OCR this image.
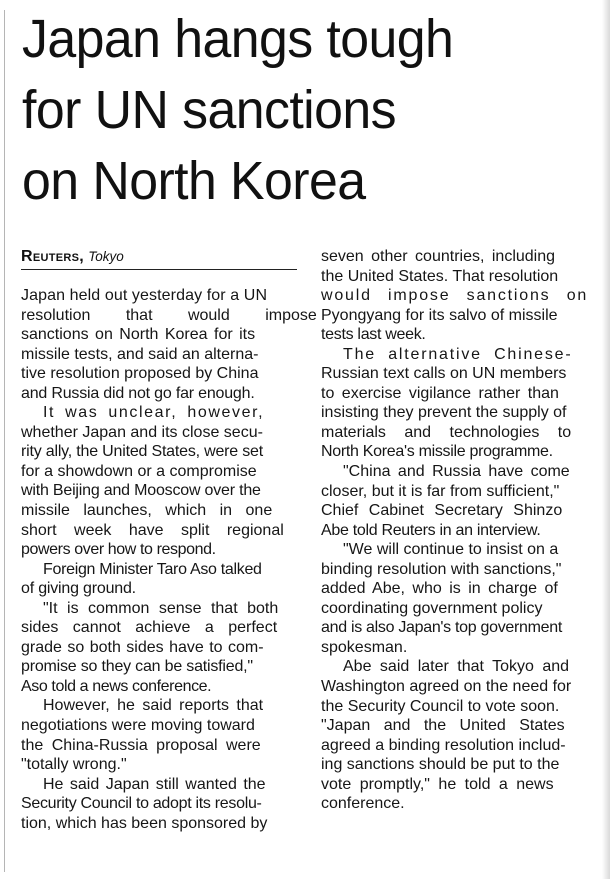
Japan hangs tough
for UN sanctions
on North Korea
Reuters, Tokyo

Japan held out yesterday for a UN

resolution that would impose

sanctions on North Korea for its

missile tests, and said an alterna-

tive resolution proposed by China

and Russia did not go far enough.

It was unclear, however,

whether Japan and its close secu-

rity ally, the United States, were set

for a showdown or a compromise

with Beijing and Mooscow over the

missile launches, which in one

short week have split regional

powers over how to respond.

Foreign Minister Taro Aso talked

of giving ground.

"It is common sense that both

sides cannot achieve a perfect

grade so both sides have to com-

promise so they can be satisfied,"

Aso told a news conference.

However, he said reports that

negotiations were moving toward

the China-Russia proposal were

"totally wrong."

He said Japan still wanted the

Security Council to adopt its resolu-

tion, which has been sponsored by

seven other countries, including

the United States. That resolution

would impose sanctions on

Pyongyang for its salvo of missile

tests last week.

The alternative Chinese-

Russian text calls on UN members

to exercise vigilance rather than

insisting they prevent the supply of

materials and technologies to

North Korea's missile programme.

"China and Russia have come

closer, but it is far from sufficient,"

Chief Cabinet Secretary Shinzo

Abe told Reuters in an interview.

"We will continue to insist on a

binding resolution with sanctions,"

added Abe, who is in charge of

coordinating government policy

and is also Japan's top government

spokesman.

Abe said later that Tokyo and

Washington agreed on the need for

the Security Council to vote soon.

"Japan and the United States

agreed a binding resolution includ-

ing sanctions should be put to the

vote promptly," he told a news

conference.
